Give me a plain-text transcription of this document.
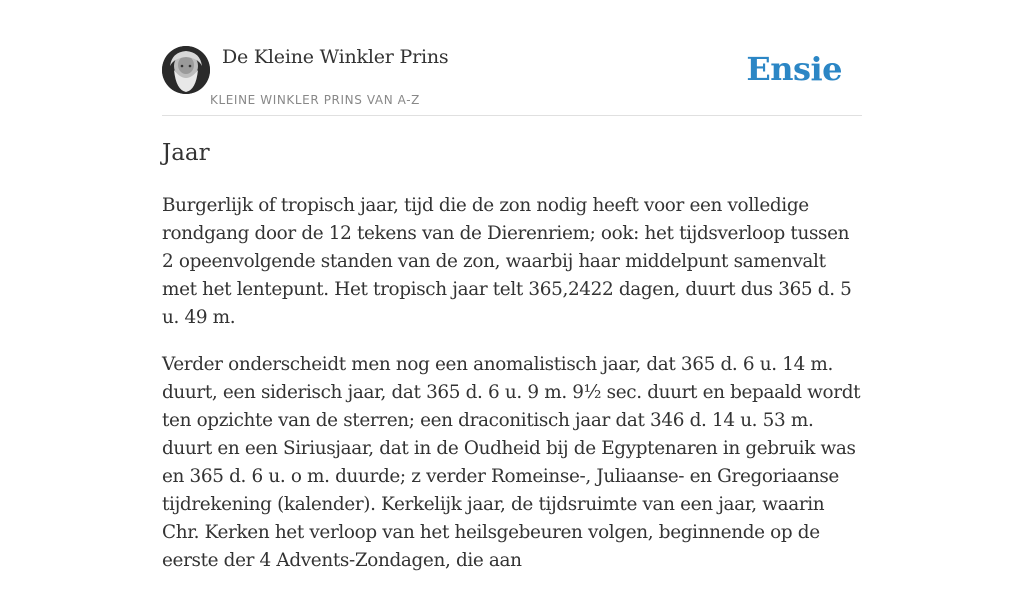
De Kleine Winkler Prins
KLEINE WINKLER PRINS VAN A-Z
Ensie
Jaar

Burgerlijk of tropisch jaar, tijd die de zon nodig heeft voor een volledige rondgang door de 12 tekens van de Dierenriem; ook: het tijdsverloop tussen 2 opeenvolgende standen van de zon, waarbij haar middelpunt samenvalt met het lentepunt. Het tropisch jaar telt 365,2422 dagen, duurt dus 365 d. 5 u. 49 m.

Verder onderscheidt men nog een anomalistisch jaar, dat 365 d. 6 u. 14 m. duurt, een siderisch jaar, dat 365 d. 6 u. 9 m. 9½ sec. duurt en bepaald wordt ten opzichte van de sterren; een draconitisch jaar dat 346 d. 14 u. 53 m. duurt en een Siriusjaar, dat in de Oudheid bij de Egyptenaren in gebruik was en 365 d. 6 u. o m. duurde; z verder Romeinse-, Juliaanse- en Gregoriaanse tijdrekening (kalender). Kerkelijk jaar, de tijdsruimte van een jaar, waarin Chr. Kerken het verloop van het heilsgebeuren volgen, beginnende op de eerste der 4 Advents-Zondagen, die aan
